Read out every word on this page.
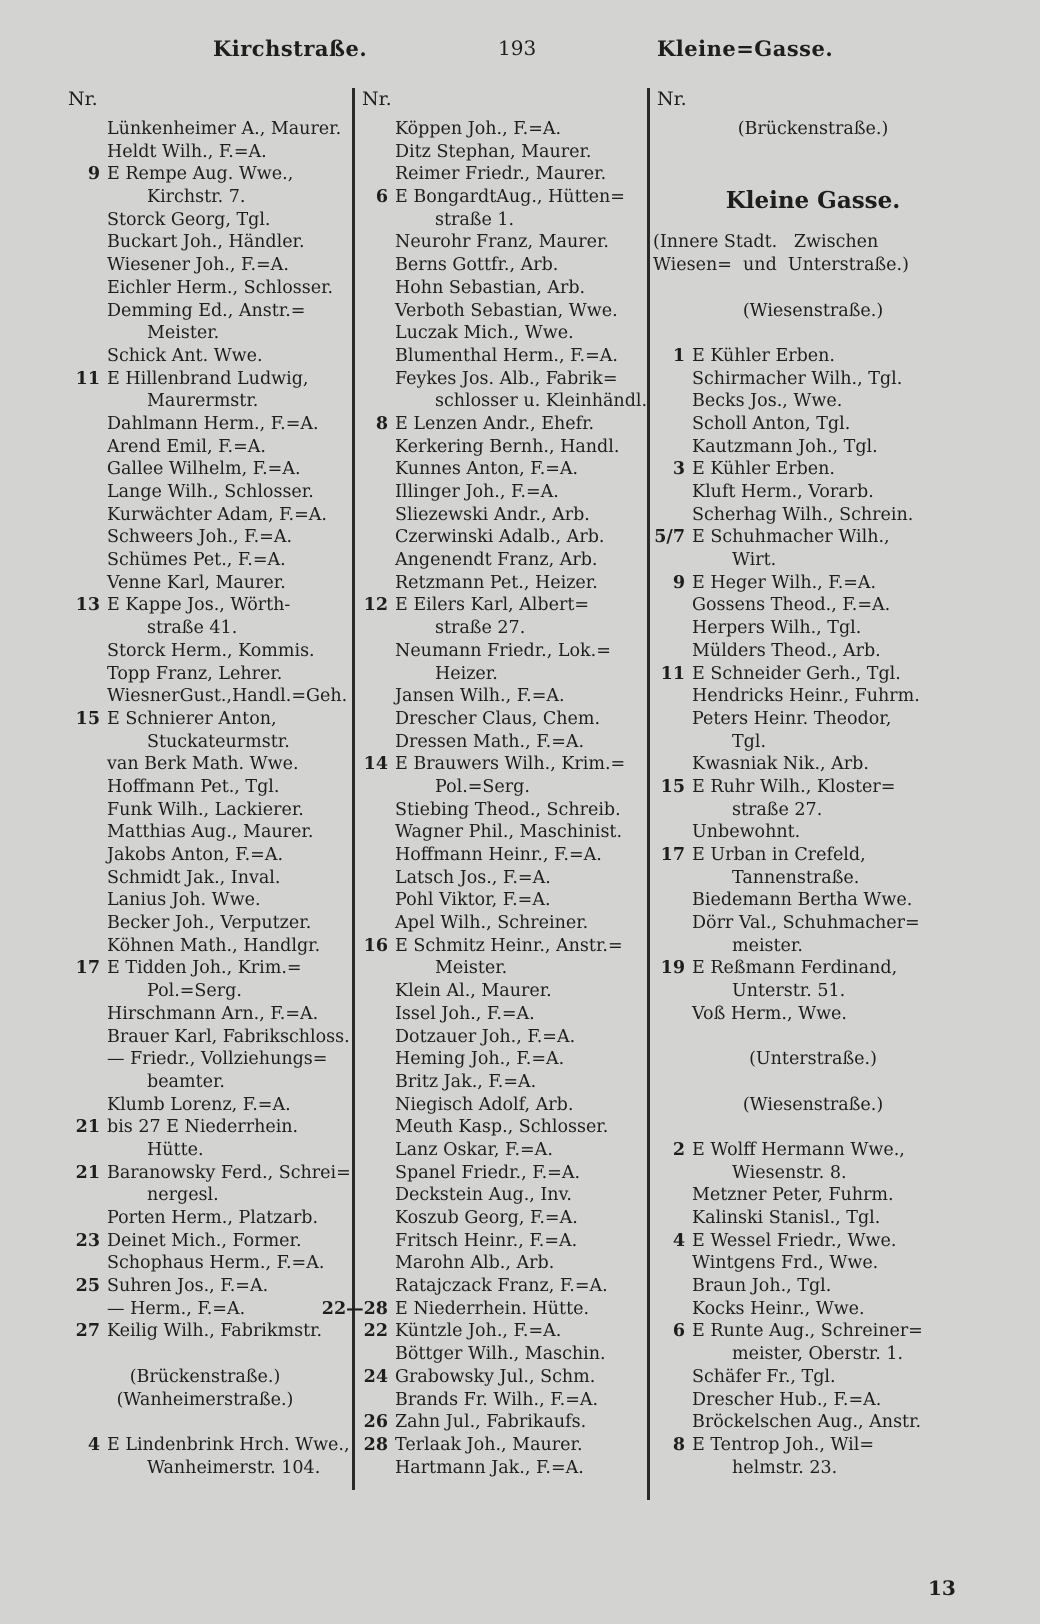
Kirchstraße.	193	Kleine=Gasse.
Nr.	Nr.	Nr.
Lünkenheimer A., Maurer.
Heldt Wilh., F.=A.
9 E Rempe Aug. Wwe.,
Kirchstr. 7.
Storck Georg, Tgl.
Buckart Joh., Händler.
Wiesener Joh., F.=A.
Eichler Herm., Schlosser.
Demming Ed., Anstr.=
Meister.
Schick Ant. Wwe.
11 E Hillenbrand Ludwig,
Maurermstr.
Dahlmann Herm., F.=A.
Arend Emil, F.=A.
Gallee Wilhelm, F.=A.
Lange Wilh., Schlosser.
Kurwächter Adam, F.=A.
Schweers Joh., F.=A.
Schümes Pet., F.=A.
Venne Karl, Maurer.
13 E Kappe Jos., Wörth-
straße 41.
Storck Herm., Kommis.
Topp Franz, Lehrer.
WiesnerGust.,Handl.=Geh.
15 E Schnierer Anton,
Stuckateurmstr.
van Berk Math. Wwe.
Hoffmann Pet., Tgl.
Funk Wilh., Lackierer.
Matthias Aug., Maurer.
Jakobs Anton, F.=A.
Schmidt Jak., Inval.
Lanius Joh. Wwe.
Becker Joh., Verputzer.
Köhnen Math., Handlgr.
17 E Tidden Joh., Krim.=
Pol.=Serg.
Hirschmann Arn., F.=A.
Brauer Karl, Fabrikschloss.
— Friedr., Vollziehungs=
beamter.
Klumb Lorenz, F.=A.
21 bis 27 E Niederrhein.
Hütte.
21 Baranowsky Ferd., Schrei=
nergesl.
Porten Herm., Platzarb.
23 Deinet Mich., Former.
Schophaus Herm., F.=A.
25 Suhren Jos., F.=A.
— Herm., F.=A.
27 Keilig Wilh., Fabrikmstr.
(Brückenstraße.)
(Wanheimerstraße.)
4 E Lindenbrink Hrch. Wwe.,
Wanheimerstr. 104.
Köppen Joh., F.=A.
Ditz Stephan, Maurer.
Reimer Friedr., Maurer.
6 E BongardtAug., Hütten=
straße 1.
Neurohr Franz, Maurer.
Berns Gottfr., Arb.
Hohn Sebastian, Arb.
Verboth Sebastian, Wwe.
Luczak Mich., Wwe.
Blumenthal Herm., F.=A.
Feykes Jos. Alb., Fabrik=
schlosser u. Kleinhändl.
8 E Lenzen Andr., Ehefr.
Kerkering Bernh., Handl.
Kunnes Anton, F.=A.
Illinger Joh., F.=A.
Sliezewski Andr., Arb.
Czerwinski Adalb., Arb.
Angenendt Franz, Arb.
Retzmann Pet., Heizer.
12 E Eilers Karl, Albert=
straße 27.
Neumann Friedr., Lok.=
Heizer.
Jansen Wilh., F.=A.
Drescher Claus, Chem.
Dressen Math., F.=A.
14 E Brauwers Wilh., Krim.=
Pol.=Serg.
Stiebing Theod., Schreib.
Wagner Phil., Maschinist.
Hoffmann Heinr., F.=A.
Latsch Jos., F.=A.
Pohl Viktor, F.=A.
Apel Wilh., Schreiner.
16 E Schmitz Heinr., Anstr.=
Meister.
Klein Al., Maurer.
Issel Joh., F.=A.
Dotzauer Joh., F.=A.
Heming Joh., F.=A.
Britz Jak., F.=A.
Niegisch Adolf, Arb.
Meuth Kasp., Schlosser.
Lanz Oskar, F.=A.
Spanel Friedr., F.=A.
Deckstein Aug., Inv.
Koszub Georg, F.=A.
Fritsch Heinr., F.=A.
Marohn Alb., Arb.
Ratajczack Franz, F.=A.
22—28 E Niederrhein. Hütte.
22 Küntzle Joh., F.=A.
Böttger Wilh., Maschin.
24 Grabowsky Jul., Schm.
Brands Fr. Wilh., F.=A.
26 Zahn Jul., Fabrikaufs.
28 Terlaak Joh., Maurer.
Hartmann Jak., F.=A.
(Brückenstraße.)
Kleine Gasse.
(Innere Stadt.   Zwischen
Wiesen=  und  Unterstraße.)
(Wiesenstraße.)
1 E Kühler Erben.
Schirmacher Wilh., Tgl.
Becks Jos., Wwe.
Scholl Anton, Tgl.
Kautzmann Joh., Tgl.
3 E Kühler Erben.
Kluft Herm., Vorarb.
Scherhag Wilh., Schrein.
5/7 E Schuhmacher Wilh.,
Wirt.
9 E Heger Wilh., F.=A.
Gossens Theod., F.=A.
Herpers Wilh., Tgl.
Mülders Theod., Arb.
11 E Schneider Gerh., Tgl.
Hendricks Heinr., Fuhrm.
Peters Heinr. Theodor,
Tgl.
Kwasniak Nik., Arb.
15 E Ruhr Wilh., Kloster=
straße 27.
Unbewohnt.
17 E Urban in Crefeld,
Tannenstraße.
Biedemann Bertha Wwe.
Dörr Val., Schuhmacher=
meister.
19 E Reßmann Ferdinand,
Unterstr. 51.
Voß Herm., Wwe.
(Unterstraße.)
(Wiesenstraße.)
2 E Wolff Hermann Wwe.,
Wiesenstr. 8.
Metzner Peter, Fuhrm.
Kalinski Stanisl., Tgl.
4 E Wessel Friedr., Wwe.
Wintgens Frd., Wwe.
Braun Joh., Tgl.
Kocks Heinr., Wwe.
6 E Runte Aug., Schreiner=
meister, Oberstr. 1.
Schäfer Fr., Tgl.
Drescher Hub., F.=A.
Bröckelschen Aug., Anstr.
8 E Tentrop Joh., Wil=
helmstr. 23.
13
